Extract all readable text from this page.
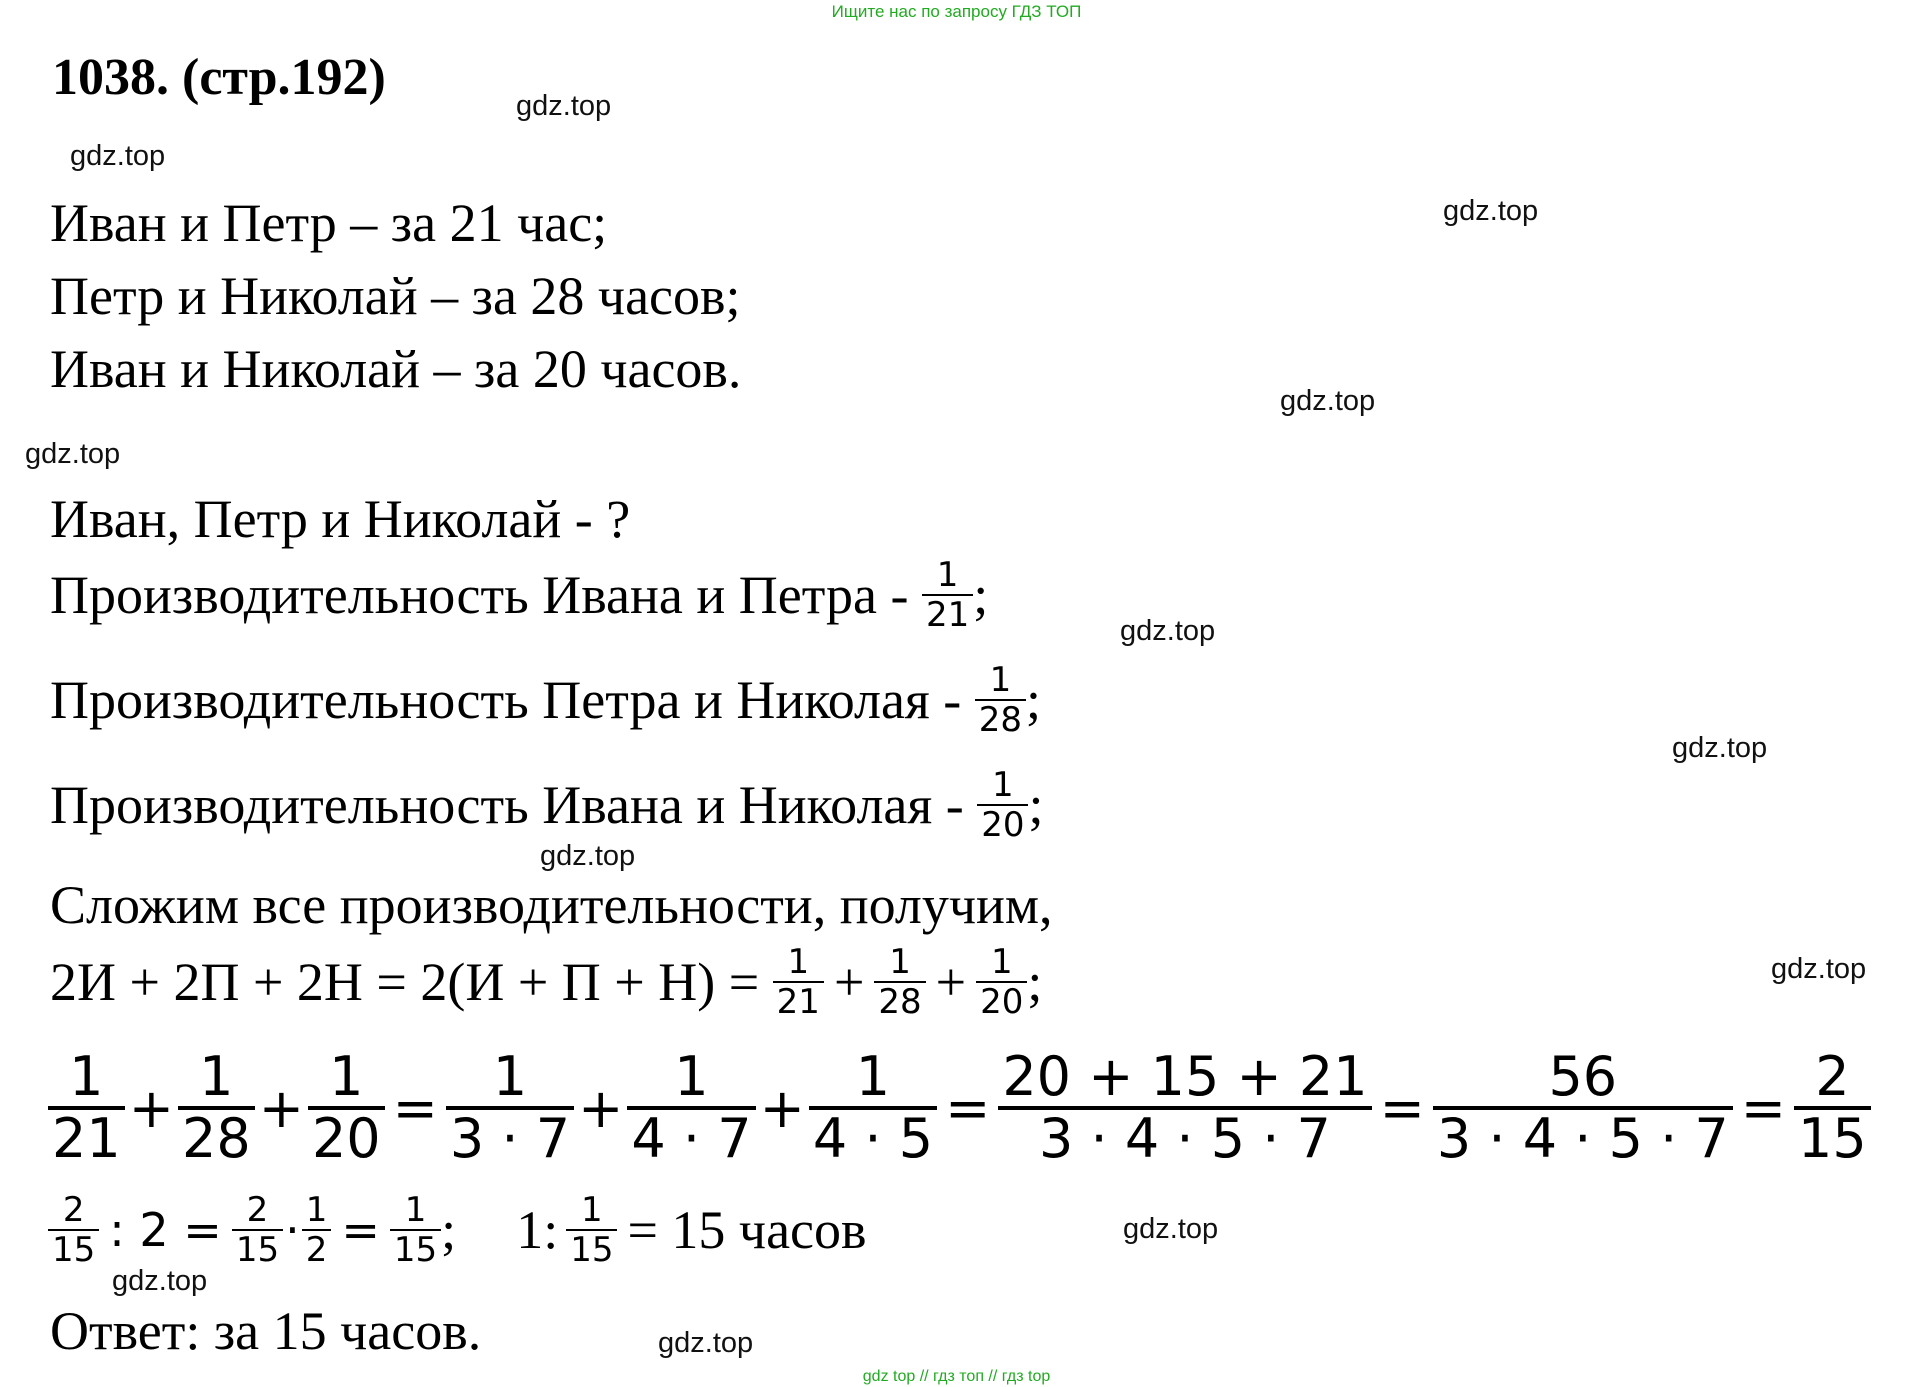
Ищите нас по запросу ГДЗ ТОП
1038. (стр.192)	gdz.top
gdz.top
gdz.top
gdz.top
gdz.top
gdz.top
gdz.top
gdz.top
gdz.top
gdz.top
gdz.top
gdz.top
Иван и Петр – за 21 час;
Петр и Николай – за 28 часов;
Иван и Николай – за 20 часов.
Иван, Петр и Николай - ?
Производительность Ивана и Петра - $\frac{1}{21}$ ;
Производительность Петра и Николая - $\frac{1}{28}$ ;
Производительность Ивана и Николая - $\frac{1}{20}$ ;
Сложим все производительности, получим,
$2И + 2П + 2Н = 2(И + П + Н) = \frac{1}{21} + \frac{1}{28} + \frac{1}{20}$ ;
$\frac{1}{21} + \frac{1}{28} + \frac{1}{20} = \frac{1}{3 \cdot 7} + \frac{1}{4 \cdot 7} + \frac{1}{4 \cdot 5} = \frac{20 + 15 + 21}{3 \cdot 4 \cdot 5 \cdot 7} = \frac{56}{3 \cdot 4 \cdot 5 \cdot 7} = \frac{2}{15}$
$\frac{2}{15}$ : $2 = \frac{2}{15} \cdot \frac{1}{2} = \frac{1}{15}$ ; 1: $\frac{1}{15} = 15$ часов
Ответ: за 15 часов.
gdz top // гдз топ // гдз top
